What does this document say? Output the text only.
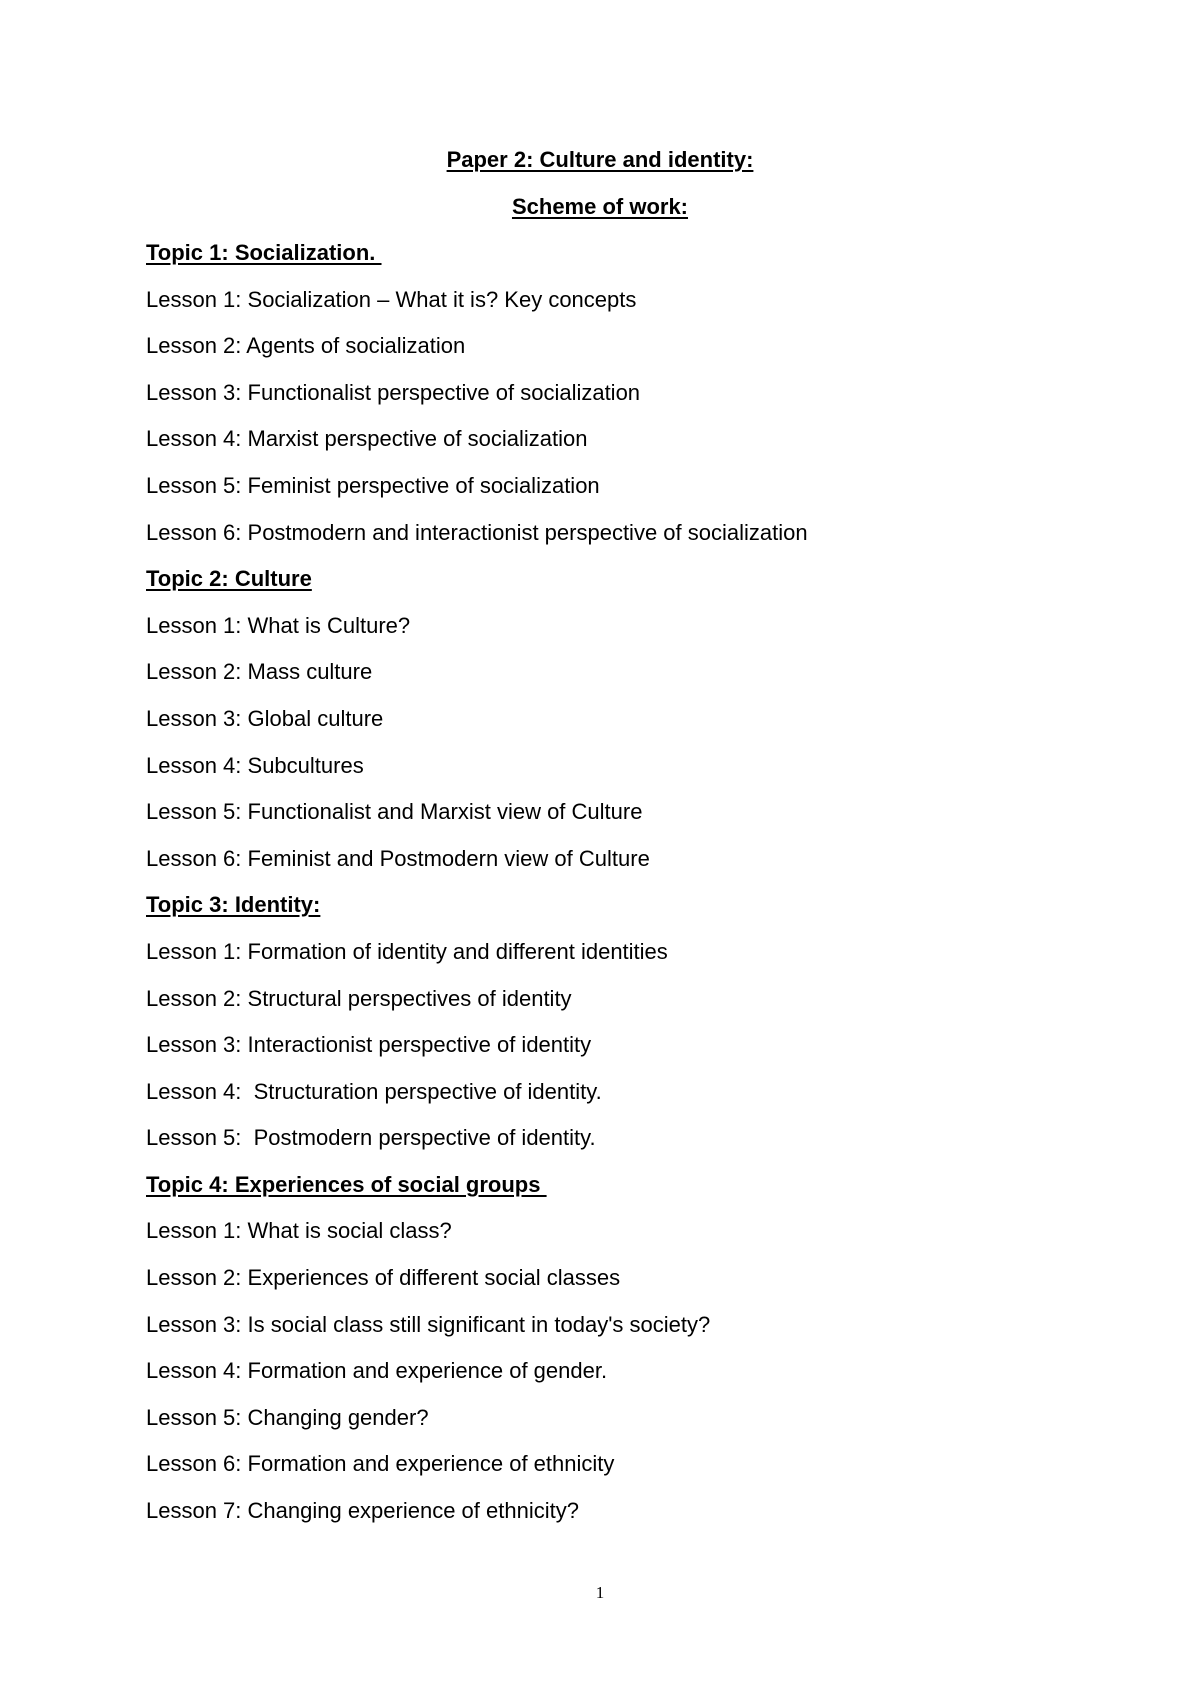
Paper 2: Culture and identity:
Scheme of work:
Topic 1: Socialization.
Lesson 1: Socialization – What it is? Key concepts
Lesson 2: Agents of socialization
Lesson 3: Functionalist perspective of socialization
Lesson 4: Marxist perspective of socialization
Lesson 5: Feminist perspective of socialization
Lesson 6: Postmodern and interactionist perspective of socialization
Topic 2: Culture
Lesson 1: What is Culture?
Lesson 2: Mass culture
Lesson 3: Global culture
Lesson 4: Subcultures
Lesson 5: Functionalist and Marxist view of Culture
Lesson 6: Feminist and Postmodern view of Culture
Topic 3: Identity:
Lesson 1: Formation of identity and different identities
Lesson 2: Structural perspectives of identity
Lesson 3: Interactionist perspective of identity
Lesson 4:  Structuration perspective of identity.
Lesson 5:  Postmodern perspective of identity.
Topic 4: Experiences of social groups
Lesson 1: What is social class?
Lesson 2: Experiences of different social classes
Lesson 3: Is social class still significant in today's society?
Lesson 4: Formation and experience of gender.
Lesson 5: Changing gender?
Lesson 6: Formation and experience of ethnicity
Lesson 7: Changing experience of ethnicity?
1
